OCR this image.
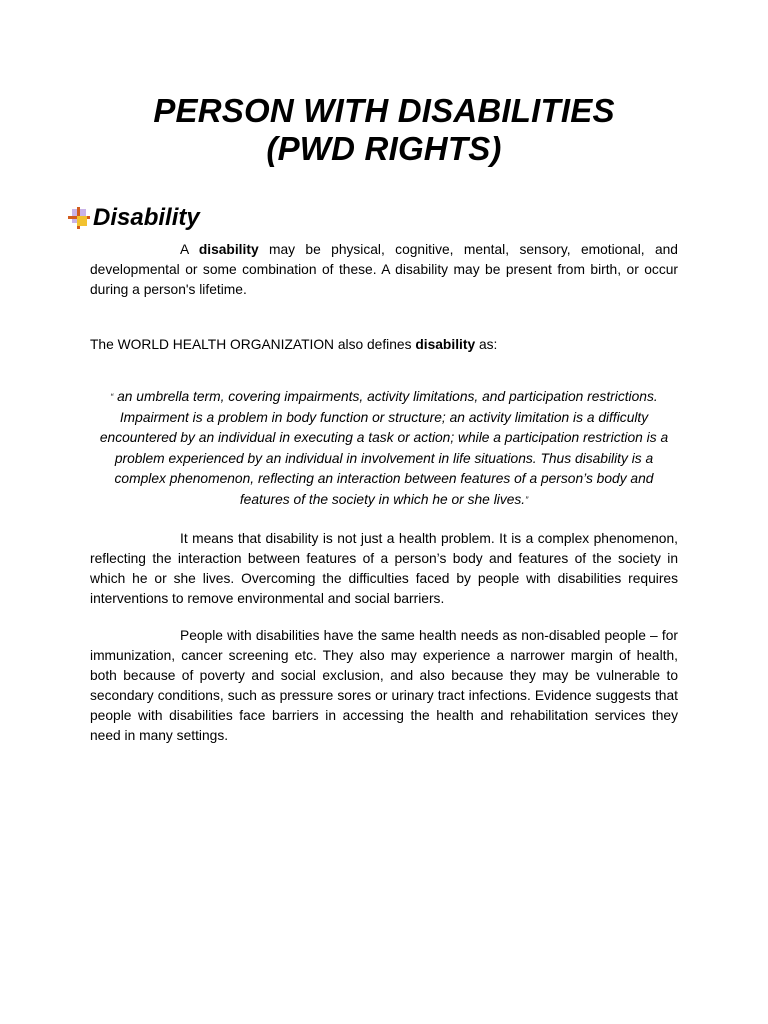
PERSON WITH DISABILITIES
(PWD RIGHTS)
Disability
A disability may be physical, cognitive, mental, sensory, emotional, and developmental or some combination of these. A disability may be present from birth, or occur during a person's lifetime.
The WORLD HEALTH ORGANIZATION also defines disability as:
“ an umbrella term, covering impairments, activity limitations, and participation restrictions. Impairment is a problem in body function or structure; an activity limitation is a difficulty encountered by an individual in executing a task or action; while a participation restriction is a problem experienced by an individual in involvement in life situations. Thus disability is a complex phenomenon, reflecting an interaction between features of a person’s body and features of the society in which he or she lives.”
It means that disability is not just a health problem. It is a complex phenomenon, reflecting the interaction between features of a person’s body and features of the society in which he or she lives. Overcoming the difficulties faced by people with disabilities requires interventions to remove environmental and social barriers.
People with disabilities have the same health needs as non-disabled people – for immunization, cancer screening etc. They also may experience a narrower margin of health, both because of poverty and social exclusion, and also because they may be vulnerable to secondary conditions, such as pressure sores or urinary tract infections. Evidence suggests that people with disabilities face barriers in accessing the health and rehabilitation services they need in many settings.
